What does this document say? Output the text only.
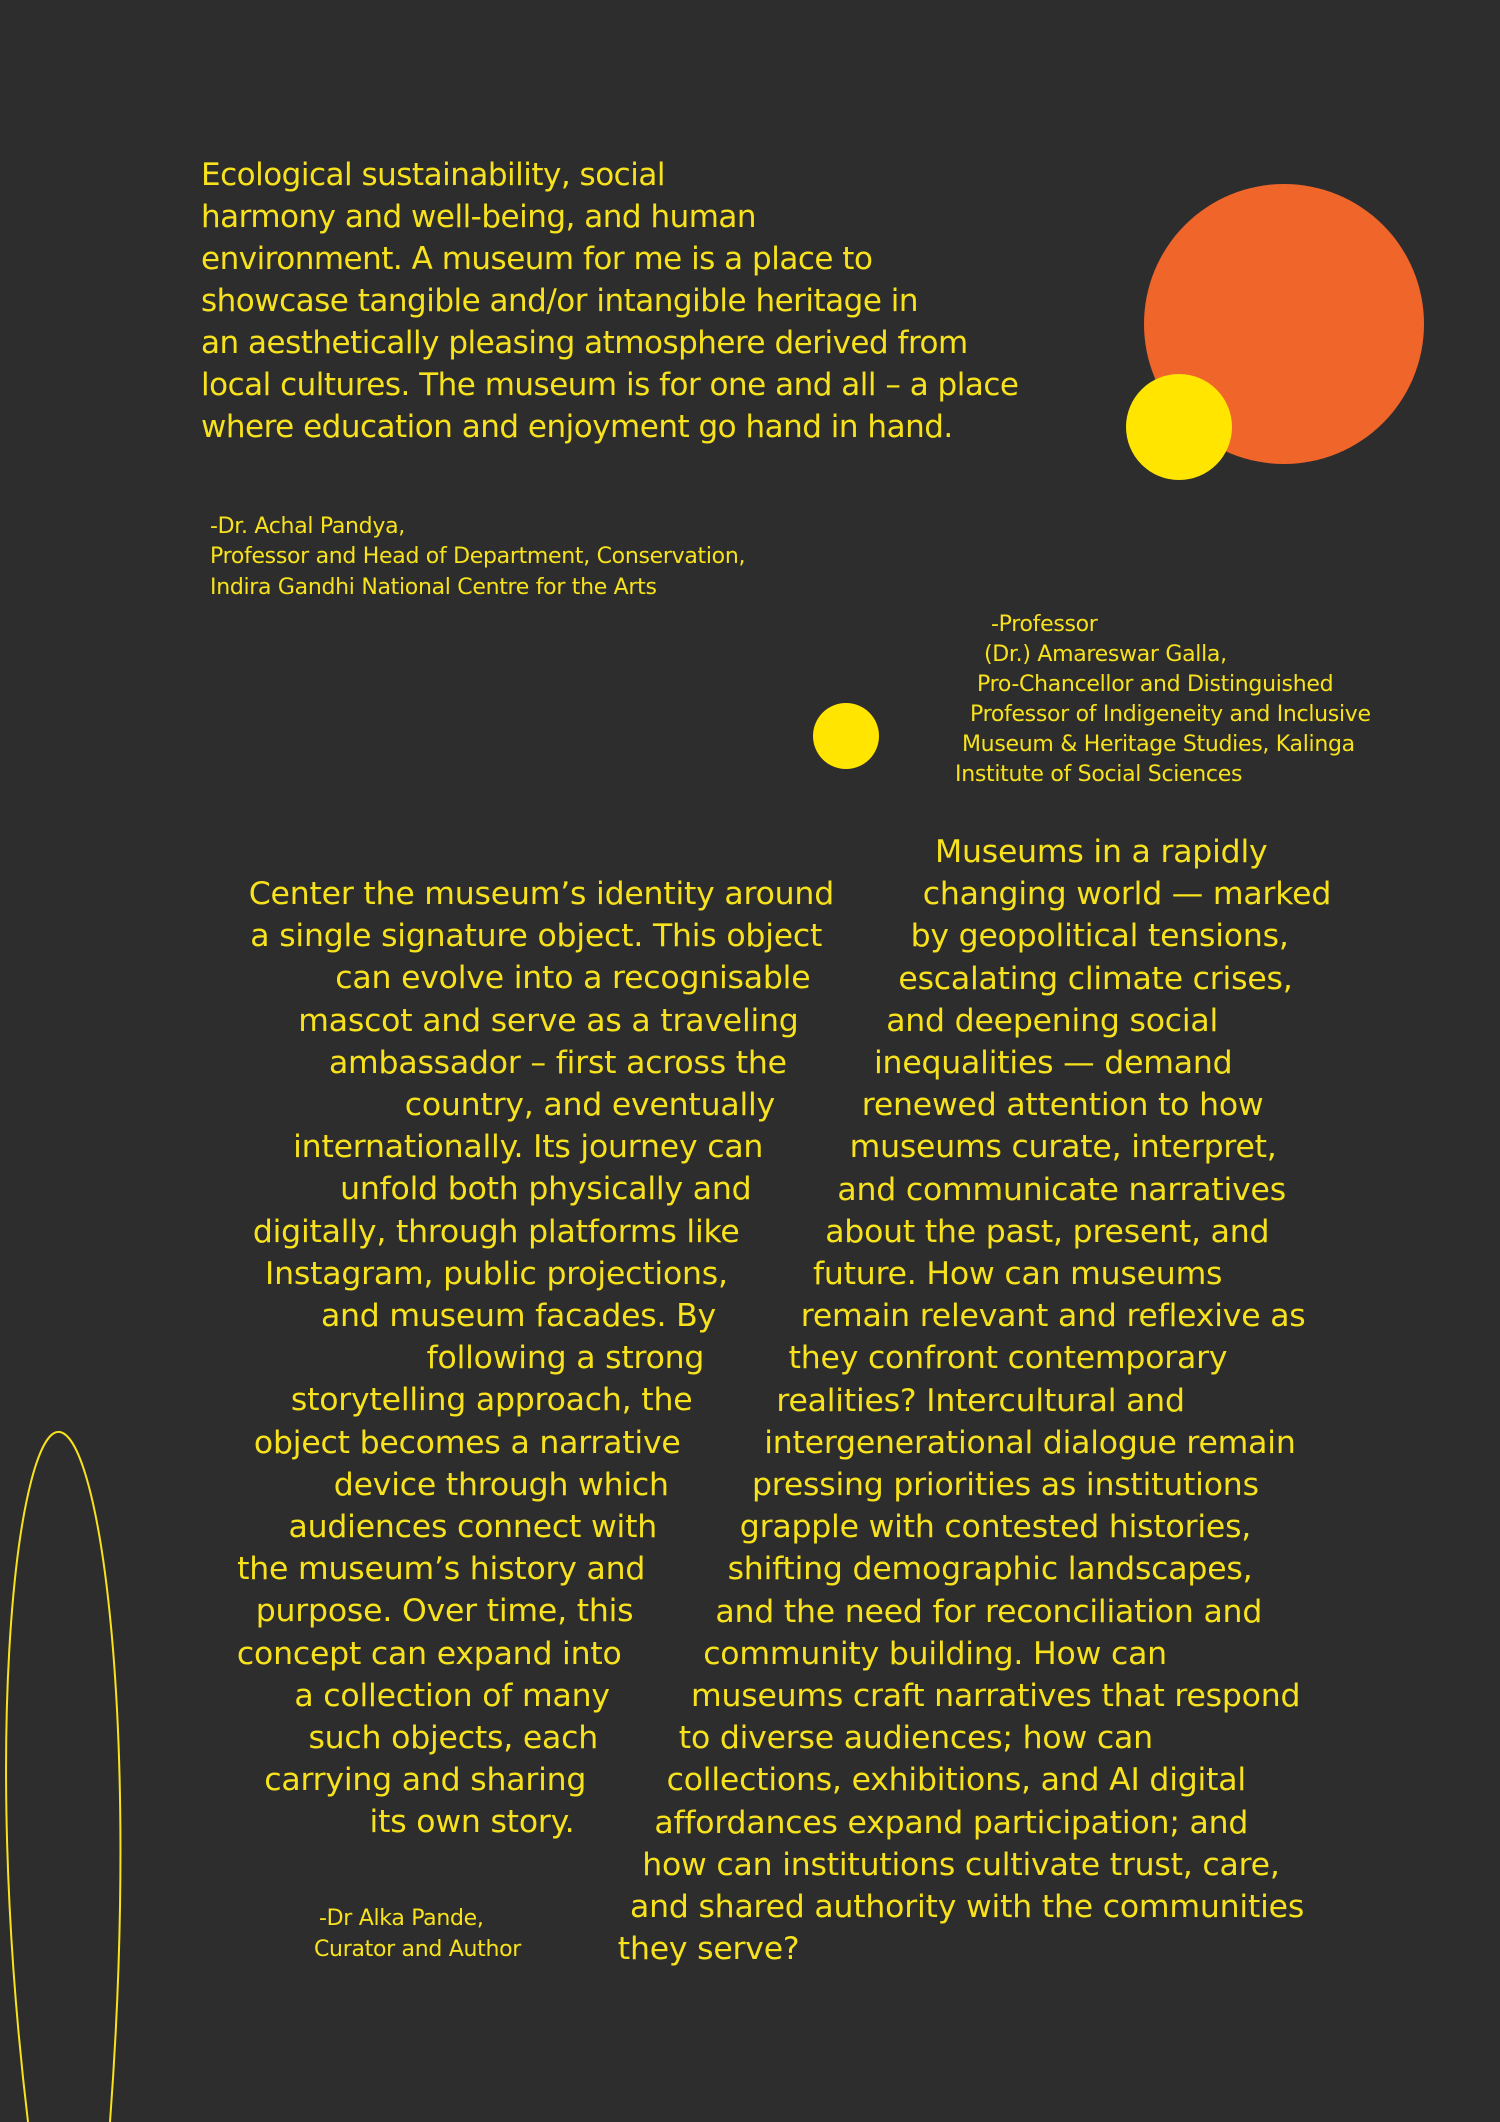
Ecological sustainability, social
harmony and well-being, and human
environment. A museum for me is a place to
showcase tangible and/or intangible heritage in
an aesthetically pleasing atmosphere derived from
local cultures. The museum is for one and all – a place
where education and enjoyment go hand in hand.
-Dr. Achal Pandya,
Professor and Head of Department, Conservation,
Indira Gandhi National Centre for the Arts
-Professor
(Dr.) Amareswar Galla,
Pro-Chancellor and Distinguished
Professor of Indigeneity and Inclusive
Museum & Heritage Studies, Kalinga
Institute of Social Sciences
Center the museum’s identity around
a single signature object. This object
can evolve into a recognisable
mascot and serve as a traveling
ambassador – first across the
country, and eventually
internationally. Its journey can
unfold both physically and
digitally, through platforms like
Instagram, public projections,
and museum facades. By
following a strong
storytelling approach, the
object becomes a narrative
device through which
audiences connect with
the museum’s history and
purpose. Over time, this
concept can expand into
a collection of many
such objects, each
carrying and sharing
its own story.
-Dr Alka Pande,
Curator and Author
Museums in a rapidly
changing world — marked
by geopolitical tensions,
escalating climate crises,
and deepening social
inequalities — demand
renewed attention to how
museums curate, interpret,
and communicate narratives
about the past, present, and
future. How can museums
remain relevant and reflexive as
they confront contemporary
realities? Intercultural and
intergenerational dialogue remain
pressing priorities as institutions
grapple with contested histories,
shifting demographic landscapes,
and the need for reconciliation and
community building. How can
museums craft narratives that respond
to diverse audiences; how can
collections, exhibitions, and AI digital
affordances expand participation; and
how can institutions cultivate trust, care,
and shared authority with the communities
they serve?
